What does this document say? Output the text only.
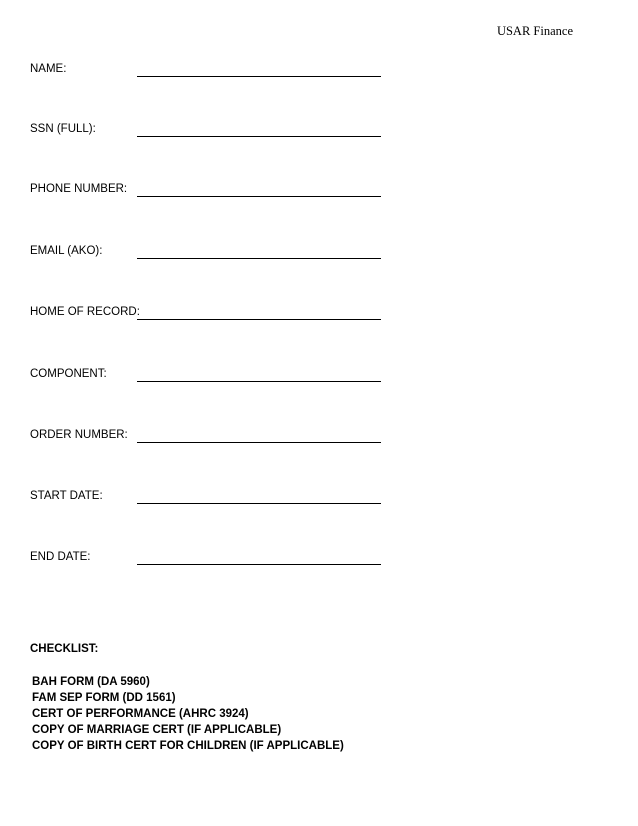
USAR Finance
NAME:
SSN (FULL):
PHONE NUMBER:
EMAIL (AKO):
HOME OF RECORD:
COMPONENT:
ORDER NUMBER:
START DATE:
END DATE:
CHECKLIST:
BAH FORM (DA 5960)
FAM SEP FORM (DD 1561)
CERT OF PERFORMANCE (AHRC 3924)
COPY OF MARRIAGE CERT (IF APPLICABLE)
COPY OF BIRTH CERT FOR CHILDREN (IF APPLICABLE)
